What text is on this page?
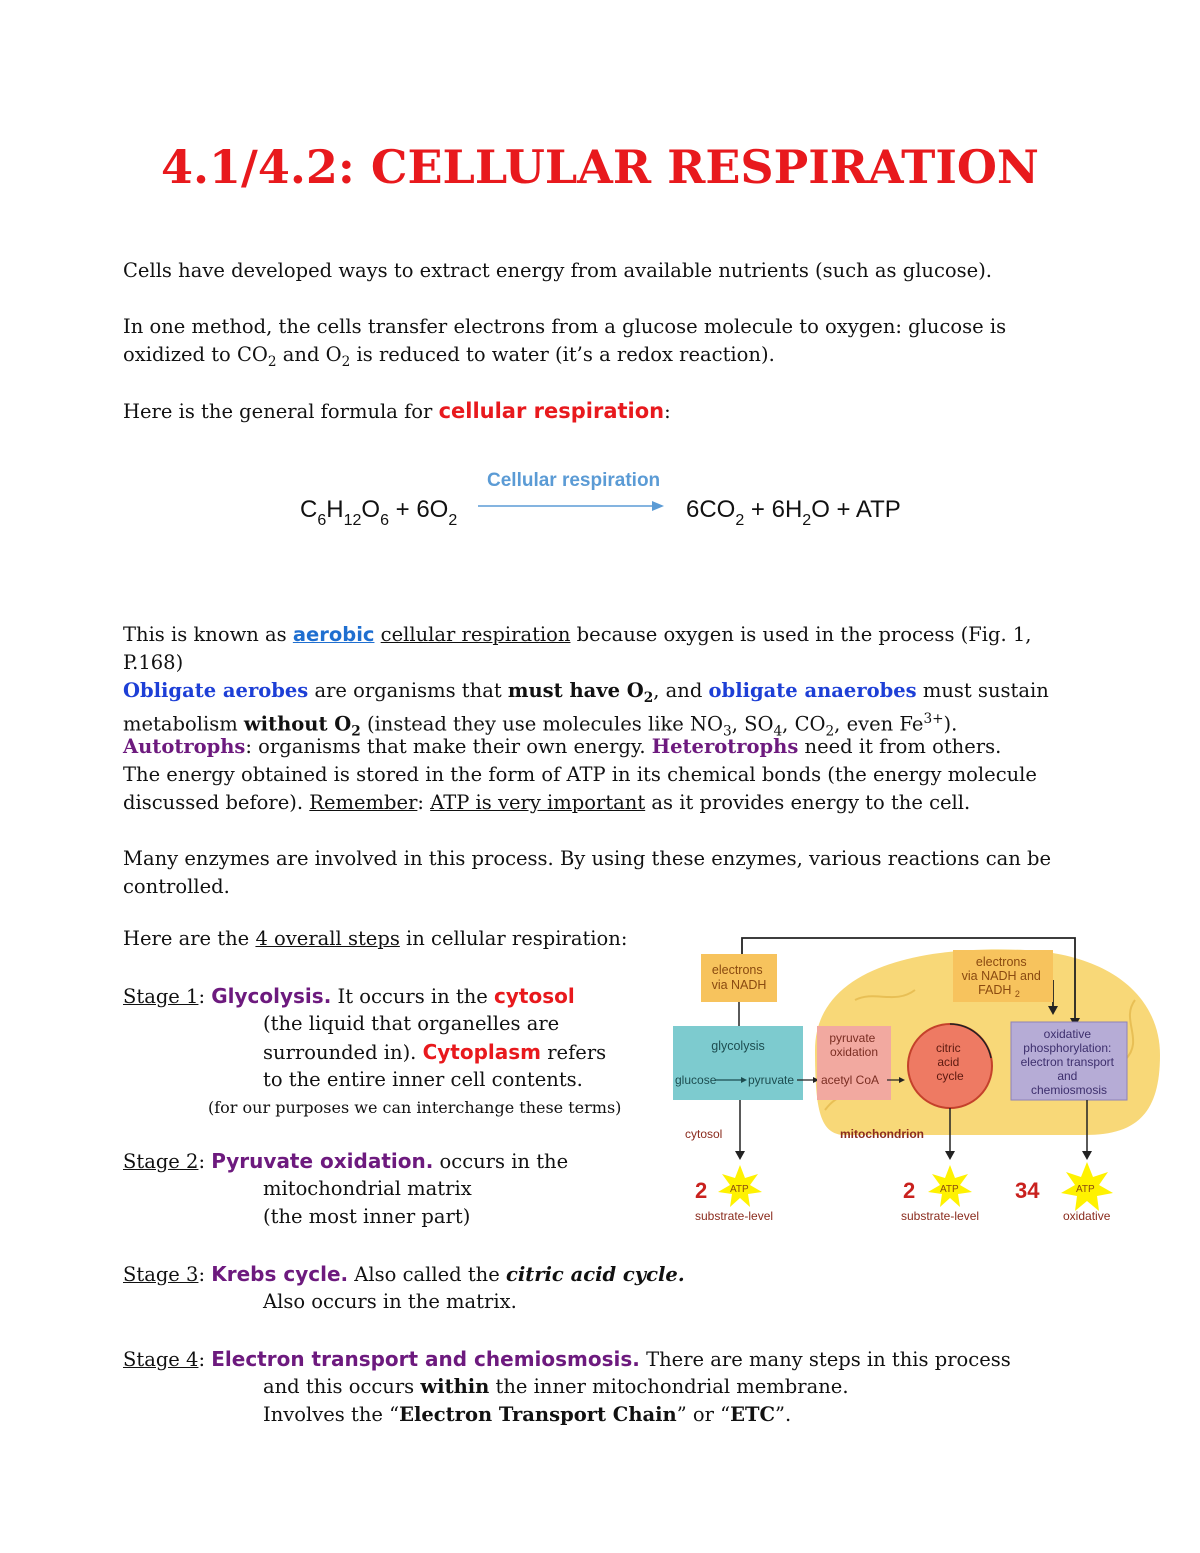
4.1/4.2: CELLULAR RESPIRATION
Cells have developed ways to extract energy from available nutrients (such as glucose).
In one method, the cells transfer electrons from a glucose molecule to oxygen: glucose is
oxidized to $CO_2$ and $O_2$ is reduced to water (it’s a redox reaction).
Here is the general formula for cellular respiration:
Cellular respiration
$C_6H_{12}O_6 + 6O_2$	$6CO_2 + 6H_2O$ + ATP
This is known as aerobic cellular respiration because oxygen is used in the process (Fig. 1,
P.168)
Obligate aerobes are organisms that must have $O_2$, and obligate anaerobes must sustain
metabolism without $O_2$ (instead they use molecules like $NO_3$, $SO_4$, $CO_2$, even $Fe^{3+}$).
Autotrophs: organisms that make their own energy. Heterotrophs need it from others.
The energy obtained is stored in the form of ATP in its chemical bonds (the energy molecule
discussed before). Remember: ATP is very important as it provides energy to the cell.
Many enzymes are involved in this process. By using these enzymes, various reactions can be
controlled.
Here are the 4 overall steps in cellular respiration:
Stage 1: Glycolysis. It occurs in the cytosol
(the liquid that organelles are
surrounded in). Cytoplasm refers
to the entire inner cell contents.
(for our purposes we can interchange these terms)
Stage 2: Pyruvate oxidation. occurs in the
mitochondrial matrix
(the most inner part)
Stage 3: Krebs cycle. Also called the citric acid cycle.
Also occurs in the matrix.
Stage 4: Electron transport and chemiosmosis. There are many steps in this process
and this occurs within the inner mitochondrial membrane.
Involves the “Electron Transport Chain” or “ETC”.
electrons via NADH
electrons via NADH and FADH $_2$
glycolysis
glucose	pyruvate
pyruvate oxidation
acetyl CoA
citric acid cycle
oxidative phosphorylation: electron transport and chemiosmosis
cytosol	mitochondrion
2 ATP
substrate-level
2 ATP
substrate-level
34	ATP
oxidative
